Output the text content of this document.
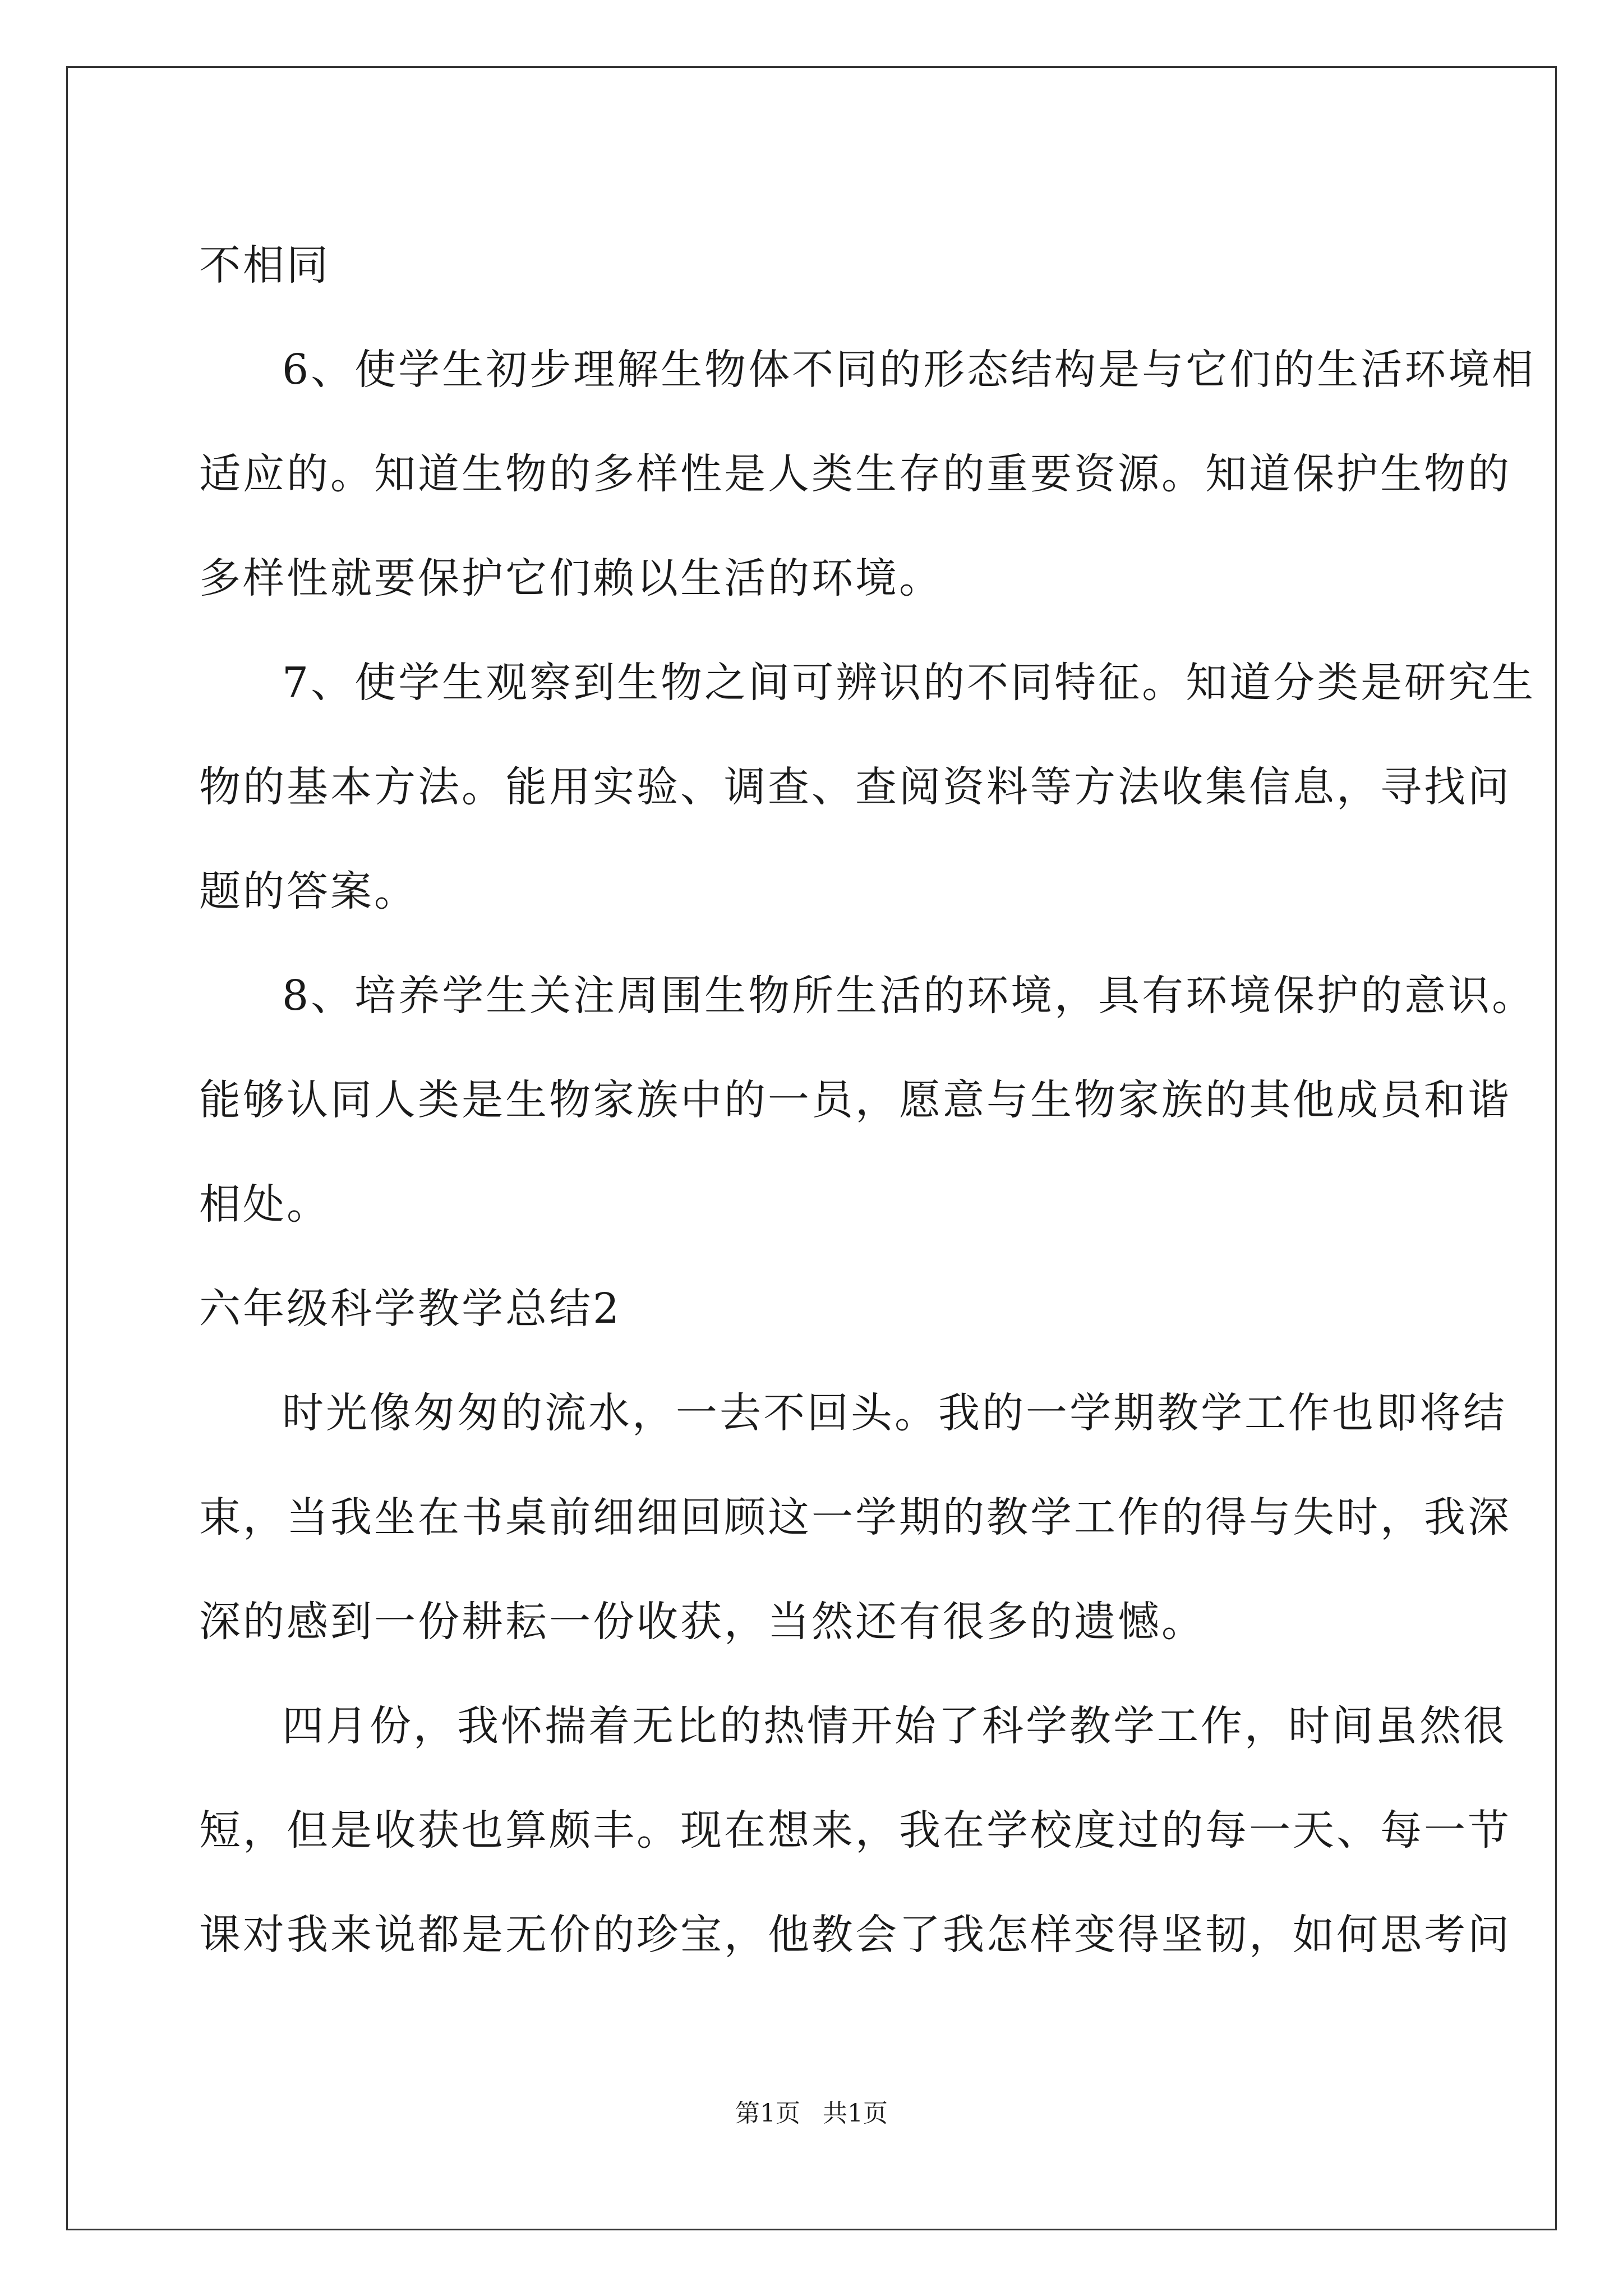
不相同
6、使学生初步理解生物体不同的形态结构是与它们的生活环境相
适应的。知道生物的多样性是人类生存的重要资源。知道保护生物的
多样性就要保护它们赖以生活的环境。
7、使学生观察到生物之间可辨识的不同特征。知道分类是研究生
物的基本方法。能用实验、调查、查阅资料等方法收集信息，寻找问
题的答案。
8、培养学生关注周围生物所生活的环境，具有环境保护的意识。
能够认同人类是生物家族中的一员，愿意与生物家族的其他成员和谐
相处。
六年级科学教学总结2
时光像匆匆的流水，一去不回头。我的一学期教学工作也即将结
束，当我坐在书桌前细细回顾这一学期的教学工作的得与失时，我深
深的感到一份耕耘一份收获，当然还有很多的遗憾。
四月份，我怀揣着无比的热情开始了科学教学工作，时间虽然很
短，但是收获也算颇丰。现在想来，我在学校度过的每一天、每一节
课对我来说都是无价的珍宝，他教会了我怎样变得坚韧，如何思考问
第1页 共1页
